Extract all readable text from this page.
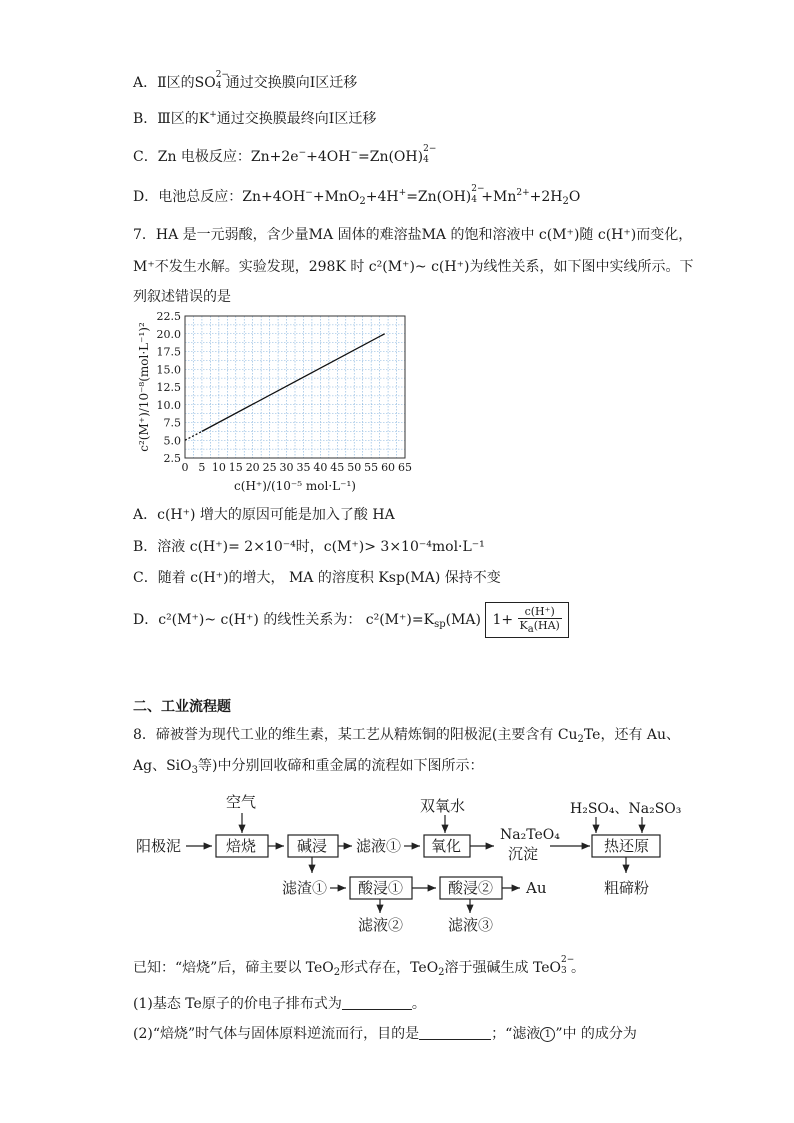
A．Ⅱ区的SO 2−
4 通过交换膜向Ⅰ区迁移
B．Ⅲ区的K+通过交换膜最终向Ⅰ区迁移
C．Zn 电极反应：Zn+2e−+4OH−=Zn(OH) 2−
4
D．电池总反应：Zn+4OH−+MnO$_2$+4H+=Zn(OH) 2−
$4 +Mn^{2+}+2H_2O$
7．HA 是一元弱酸，含少量MA 固体的难溶盐MA 的饱和溶液中 c(M⁺)随 c(H⁺)而变化，
M⁺不发生水解。实验发现，298K 时 c²(M⁺)~ c(H⁺)为线性关系，如下图中实线所示。下
列叙述错误的是
0 5 10 15 20 25 30 35 40 45 50 55 60 65
2.5
5.0
7.5
10.0
12.5
15.0
17.5
20.0
22.5
c(H⁺)/(10⁻⁵ mol·L⁻¹)
c²(M⁺)/10⁻⁸(mol·L⁻¹)²
A．c(H⁺) 增大的原因可能是加入了酸 HA
B．溶液 c(H⁺)= 2×10⁻⁴时，c(M⁺)> 3×10⁻⁴mol·L⁻¹
C．随着 c(H⁺)的增大， MA 的溶度积 Ksp(MA) 保持不变
D．c²(M⁺)~ c(H⁺) 的线性关系为： $c^2(M^+)=K_{sp}(MA)$ $1+ \frac{c(H^+)}{Ka(HA)}$
二、工业流程题
8．碲被誉为现代工业的维生素，某工艺从精炼铜的阳极泥(主要含有 $Cu_2Te$，还有 Au、
Ag、SiO$_3$等)中分别回收碲和重金属的流程如下图所示：
阳极泥
空气
焙烧	碱浸 滤液①
双氧水
氧化
Na₂TeO₄
沉淀
H₂SO₄、Na₂SO₃
热还原
粗碲粉
滤渣① 酸浸①
滤液②
酸浸② Au
滤液③
已知：“焙烧”后，碲主要以 TeO$_2$形式存在，TeO$_2$溶于强碱生成 TeO 2−
3 。
(1)基态 Te原子的价电子排布式为	。
(2)“焙烧”时气体与固体原料逆流而行，目的是	；“滤液 1 ”中 的成分为
